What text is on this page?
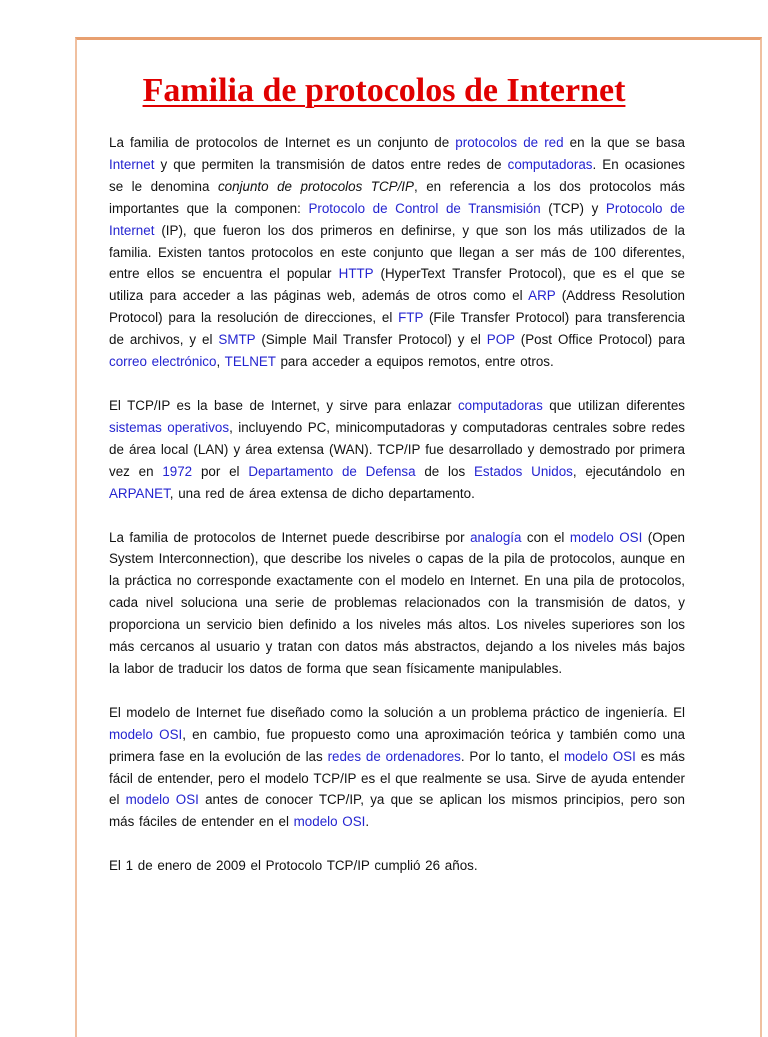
Familia de protocolos de Internet

La familia de protocolos de Internet es un conjunto de protocolos de red en la que se basa Internet y que permiten la transmisión de datos entre redes de computadoras. En ocasiones se le denomina conjunto de protocolos TCP/IP, en referencia a los dos protocolos más importantes que la componen: Protocolo de Control de Transmisión (TCP) y Protocolo de Internet (IP), que fueron los dos primeros en definirse, y que son los más utilizados de la familia. Existen tantos protocolos en este conjunto que llegan a ser más de 100 diferentes, entre ellos se encuentra el popular HTTP (HyperText Transfer Protocol), que es el que se utiliza para acceder a las páginas web, además de otros como el ARP (Address Resolution Protocol) para la resolución de direcciones, el FTP (File Transfer Protocol) para transferencia de archivos, y el SMTP (Simple Mail Transfer Protocol) y el POP (Post Office Protocol) para correo electrónico, TELNET para acceder a equipos remotos, entre otros.

El TCP/IP es la base de Internet, y sirve para enlazar computadoras que utilizan diferentes sistemas operativos, incluyendo PC, minicomputadoras y computadoras centrales sobre redes de área local (LAN) y área extensa (WAN). TCP/IP fue desarrollado y demostrado por primera vez en 1972 por el Departamento de Defensa de los Estados Unidos, ejecutándolo en ARPANET, una red de área extensa de dicho departamento.

La familia de protocolos de Internet puede describirse por analogía con el modelo OSI (Open System Interconnection), que describe los niveles o capas de la pila de protocolos, aunque en la práctica no corresponde exactamente con el modelo en Internet. En una pila de protocolos, cada nivel soluciona una serie de problemas relacionados con la transmisión de datos, y proporciona un servicio bien definido a los niveles más altos. Los niveles superiores son los más cercanos al usuario y tratan con datos más abstractos, dejando a los niveles más bajos la labor de traducir los datos de forma que sean físicamente manipulables.

El modelo de Internet fue diseñado como la solución a un problema práctico de ingeniería. El modelo OSI, en cambio, fue propuesto como una aproximación teórica y también como una primera fase en la evolución de las redes de ordenadores. Por lo tanto, el modelo OSI es más fácil de entender, pero el modelo TCP/IP es el que realmente se usa. Sirve de ayuda entender el modelo OSI antes de conocer TCP/IP, ya que se aplican los mismos principios, pero son más fáciles de entender en el modelo OSI.

El 1 de enero de 2009 el Protocolo TCP/IP cumplió 26 años.
